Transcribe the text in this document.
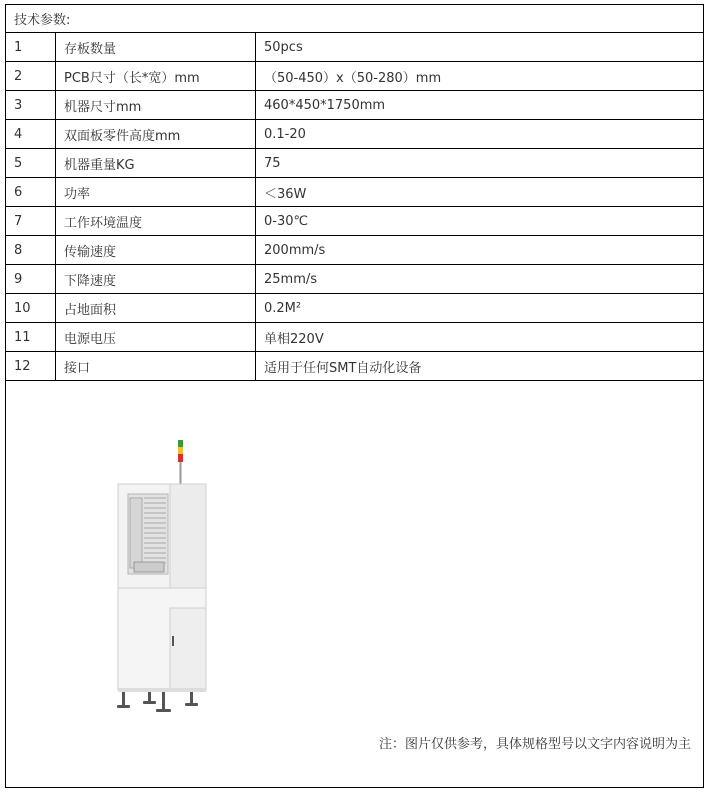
技术参数:		
1	存板数量	50pcs
2	PCB尺寸（长*宽）mm	（50-450）x（50-280）mm
3	机器尺寸mm	460*450*1750mm
4	双面板零件高度mm	0.1-20
5	机器重量KG	75
6	功率	＜36W
7	工作环境温度	0-30℃
8	传输速度	200mm/s
9	下降速度	25mm/s
10	占地面积	0.2M²
11	电源电压	单相220V
12	接口	适用于任何SMT自动化设备
注：图片仅供参考，具体规格型号以文字内容说明为主
